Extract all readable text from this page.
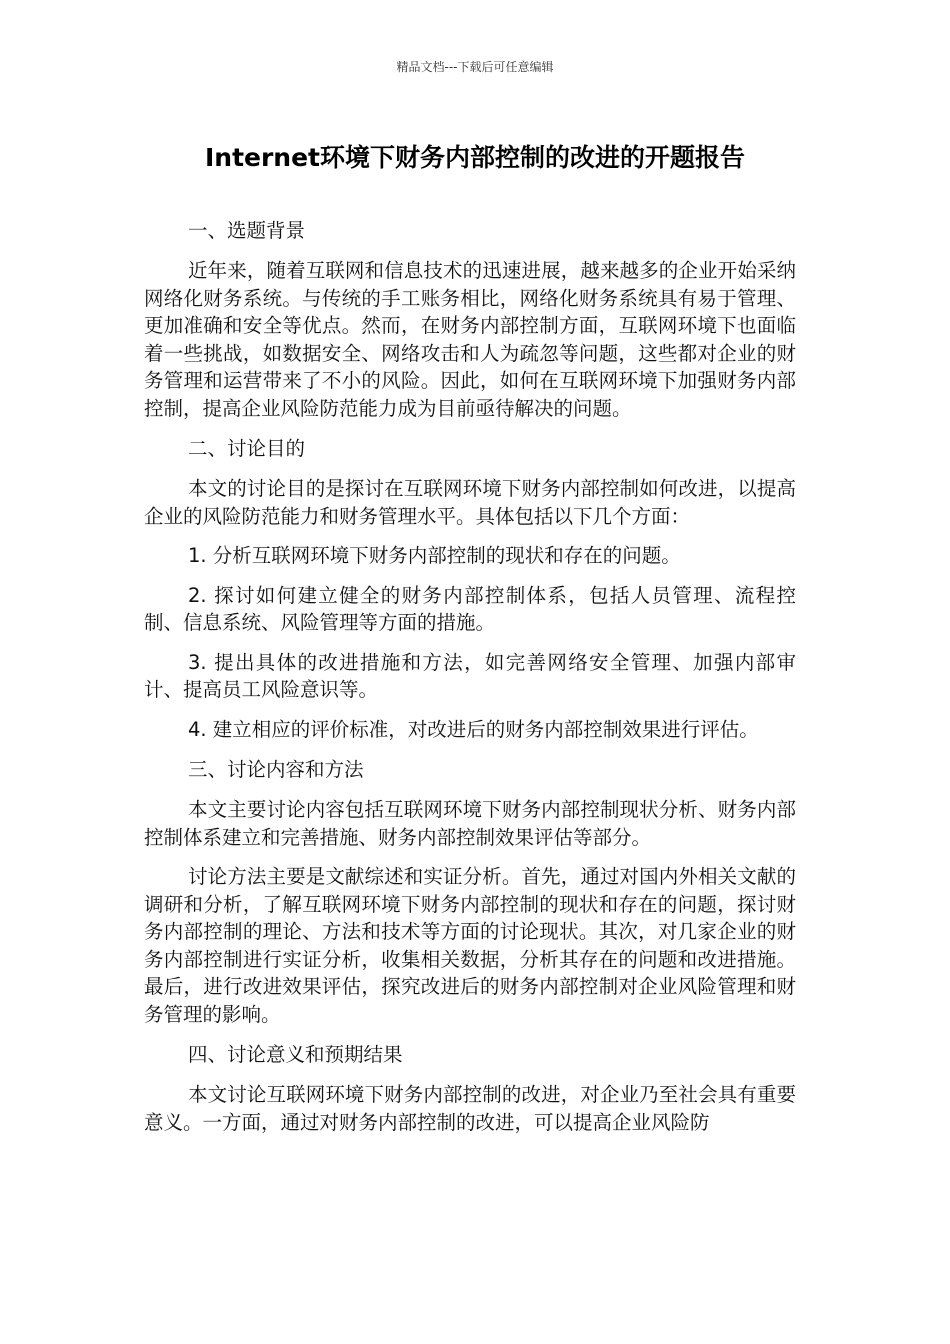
精品文档---下载后可任意编辑
Internet环境下财务内部控制的改进的开题报告

一、选题背景

近年来，随着互联网和信息技术的迅速进展，越来越多的企业开始采纳网络化财务系统。与传统的手工账务相比，网络化财务系统具有易于管理、更加准确和安全等优点。然而，在财务内部控制方面，互联网环境下也面临着一些挑战，如数据安全、网络攻击和人为疏忽等问题，这些都对企业的财务管理和运营带来了不小的风险。因此，如何在互联网环境下加强财务内部控制，提高企业风险防范能力成为目前亟待解决的问题。

二、讨论目的

本文的讨论目的是探讨在互联网环境下财务内部控制如何改进，以提高企业的风险防范能力和财务管理水平。具体包括以下几个方面：

1. 分析互联网环境下财务内部控制的现状和存在的问题。

2. 探讨如何建立健全的财务内部控制体系，包括人员管理、流程控制、信息系统、风险管理等方面的措施。

3. 提出具体的改进措施和方法，如完善网络安全管理、加强内部审计、提高员工风险意识等。

4. 建立相应的评价标准，对改进后的财务内部控制效果进行评估。

三、讨论内容和方法

本文主要讨论内容包括互联网环境下财务内部控制现状分析、财务内部控制体系建立和完善措施、财务内部控制效果评估等部分。

讨论方法主要是文献综述和实证分析。首先，通过对国内外相关文献的调研和分析，了解互联网环境下财务内部控制的现状和存在的问题，探讨财务内部控制的理论、方法和技术等方面的讨论现状。其次，对几家企业的财务内部控制进行实证分析，收集相关数据，分析其存在的问题和改进措施。最后，进行改进效果评估，探究改进后的财务内部控制对企业风险管理和财务管理的影响。

四、讨论意义和预期结果

本文讨论互联网环境下财务内部控制的改进，对企业乃至社会具有重要意义。一方面，通过对财务内部控制的改进，可以提高企业风险防
